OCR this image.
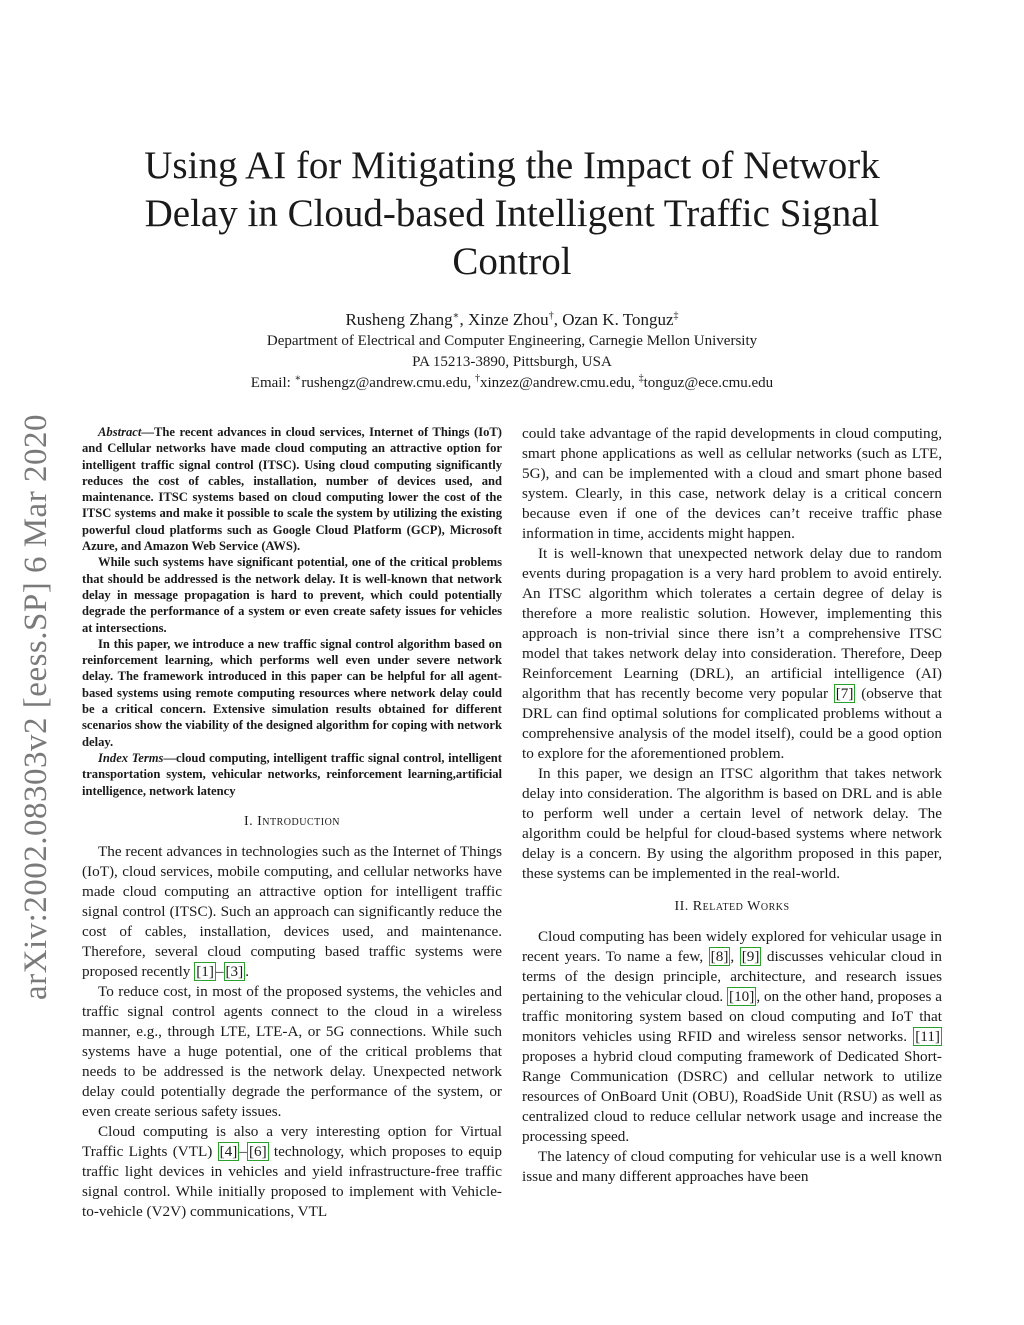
arXiv:2002.08303v2 [eess.SP] 6 Mar 2020
Using AI for Mitigating the Impact of Network Delay in Cloud-based Intelligent Traffic Signal Control
Rusheng Zhang∗, Xinze Zhou†, Ozan K. Tonguz‡
Department of Electrical and Computer Engineering, Carnegie Mellon University
PA 15213-3890, Pittsburgh, USA
Email: ∗rushengz@andrew.cmu.edu, †xinzez@andrew.cmu.edu, ‡tonguz@ece.cmu.edu

Abstract—The recent advances in cloud services, Internet of Things (IoT) and Cellular networks have made cloud computing an attractive option for intelligent traffic signal control (ITSC). Using cloud computing significantly reduces the cost of cables, installation, number of devices used, and maintenance. ITSC systems based on cloud computing lower the cost of the ITSC systems and make it possible to scale the system by utilizing the existing powerful cloud platforms such as Google Cloud Platform (GCP), Microsoft Azure, and Amazon Web Service (AWS).

While such systems have significant potential, one of the critical problems that should be addressed is the network delay. It is well-known that network delay in message propagation is hard to prevent, which could potentially degrade the performance of a system or even create safety issues for vehicles at intersections.

In this paper, we introduce a new traffic signal control algorithm based on reinforcement learning, which performs well even under severe network delay. The framework introduced in this paper can be helpful for all agent-based systems using remote computing resources where network delay could be a critical concern. Extensive simulation results obtained for different scenarios show the viability of the designed algorithm for coping with network delay.

Index Terms—cloud computing, intelligent traffic signal control, intelligent transportation system, vehicular networks, reinforcement learning,artificial intelligence, network latency

I. Introduction

The recent advances in technologies such as the Internet of Things (IoT), cloud services, mobile computing, and cellular networks have made cloud computing an attractive option for intelligent traffic signal control (ITSC). Such an approach can significantly reduce the cost of cables, installation, devices used, and maintenance. Therefore, several cloud computing based traffic systems were proposed recently [1] – [3] .

To reduce cost, in most of the proposed systems, the vehicles and traffic signal control agents connect to the cloud in a wireless manner, e.g., through LTE, LTE-A, or 5G connections. While such systems have a huge potential, one of the critical problems that needs to be addressed is the network delay. Unexpected network delay could potentially degrade the performance of the system, or even create serious safety issues.

Cloud computing is also a very interesting option for Virtual Traffic Lights (VTL) [4] – [6] technology, which proposes to equip traffic light devices in vehicles and yield infrastructure-free traffic signal control. While initially proposed to implement with Vehicle-to-vehicle (V2V) communications, VTL

could take advantage of the rapid developments in cloud computing, smart phone applications as well as cellular networks (such as LTE, 5G), and can be implemented with a cloud and smart phone based system. Clearly, in this case, network delay is a critical concern because even if one of the devices can’t receive traffic phase information in time, accidents might happen.

It is well-known that unexpected network delay due to random events during propagation is a very hard problem to avoid entirely. An ITSC algorithm which tolerates a certain degree of delay is therefore a more realistic solution. However, implementing this approach is non-trivial since there isn’t a comprehensive ITSC model that takes network delay into consideration. Therefore, Deep Reinforcement Learning (DRL), an artificial intelligence (AI) algorithm that has recently become very popular [7] (observe that DRL can find optimal solutions for complicated problems without a comprehensive analysis of the model itself), could be a good option to explore for the aforementioned problem.

In this paper, we design an ITSC algorithm that takes network delay into consideration. The algorithm is based on DRL and is able to perform well under a certain level of network delay. The algorithm could be helpful for cloud-based systems where network delay is a concern. By using the algorithm proposed in this paper, these systems can be implemented in the real-world.

II. Related Works

Cloud computing has been widely explored for vehicular usage in recent years. To name a few, [8] , [9] discusses vehicular cloud in terms of the design principle, architecture, and research issues pertaining to the vehicular cloud. [10] , on the other hand, proposes a traffic monitoring system based on cloud computing and IoT that monitors vehicles using RFID and wireless sensor networks. [11] proposes a hybrid cloud computing framework of Dedicated Short-Range Communication (DSRC) and cellular network to utilize resources of OnBoard Unit (OBU), RoadSide Unit (RSU) as well as centralized cloud to reduce cellular network usage and increase the processing speed.

The latency of cloud computing for vehicular use is a well known issue and many different approaches have been
